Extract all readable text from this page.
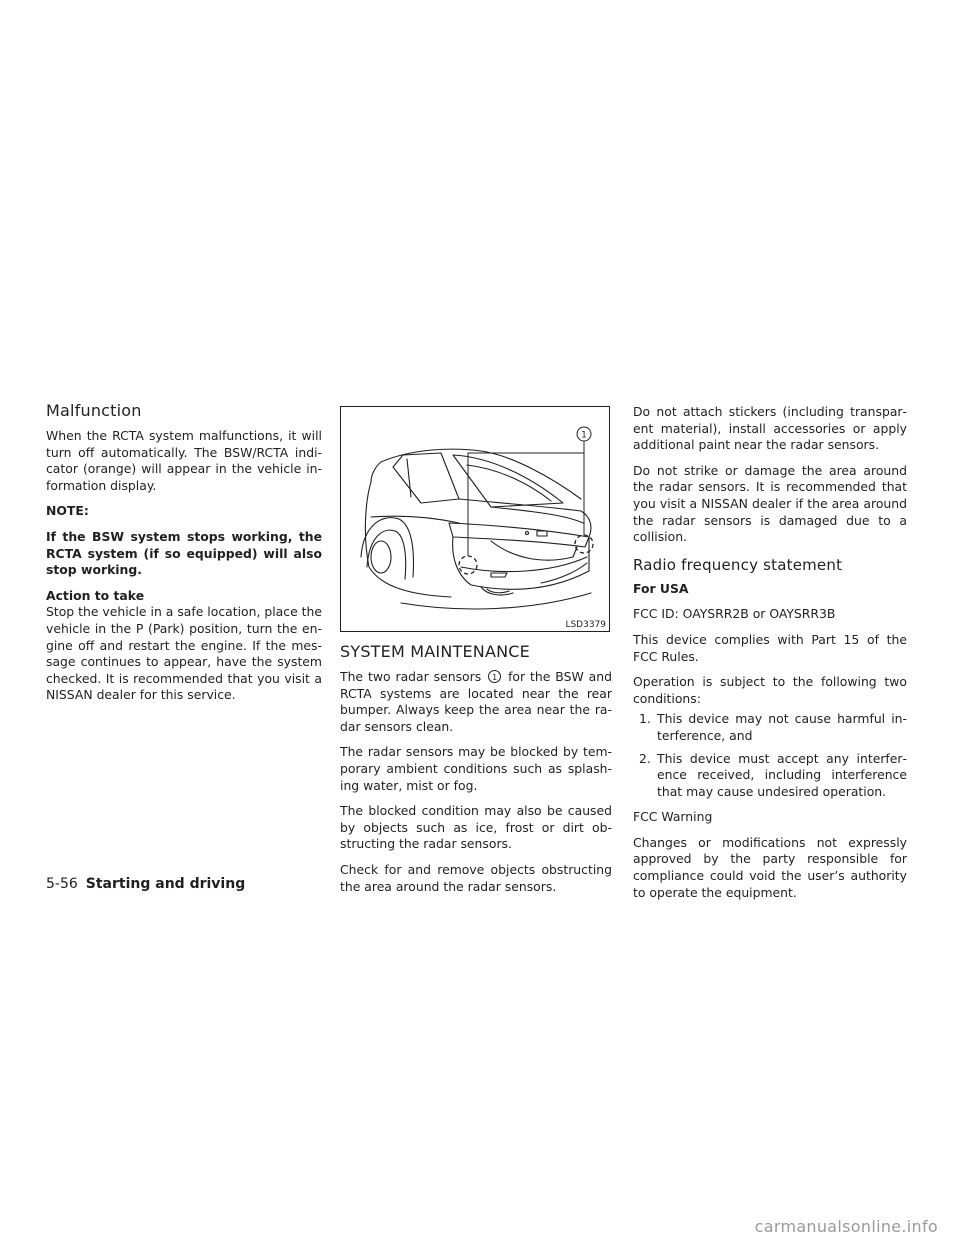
Malfunction

When the RCTA system malfunctions, it will turn off automatically. The BSW/RCTA indicator (orange) will appear in the vehicle information display.

NOTE:

If the BSW system stops working, the RCTA system (if so equipped) will also stop working.

Action to take

Stop the vehicle in a safe location, place the vehicle in the P (Park) position, turn the engine off and restart the engine. If the message continues to appear, have the system checked. It is recommended that you visit a NISSAN dealer for this service.

1
LSD3379
SYSTEM MAINTENANCE

The two radar sensors 1 for the BSW and RCTA systems are located near the rear bumper. Always keep the area near the radar sensors clean.

The radar sensors may be blocked by temporary ambient conditions such as splashing water, mist or fog.

The blocked condition may also be caused by objects such as ice, frost or dirt obstructing the radar sensors.

Check for and remove objects obstructing the area around the radar sensors.

Do not attach stickers (including transparent material), install accessories or apply additional paint near the radar sensors.

Do not strike or damage the area around the radar sensors. It is recommended that you visit a NISSAN dealer if the area around the radar sensors is damaged due to a collision.

Radio frequency statement

For USA

FCC ID: OAYSRR2B or OAYSRR3B

This device complies with Part 15 of the FCC Rules.

Operation is subject to the following two conditions:

1. This device may not cause harmful interference, and
2. This device must accept any interference received, including interference that may cause undesired operation.

FCC Warning

Changes or modifications not expressly approved by the party responsible for compliance could void the user’s authority to operate the equipment.

5-56 Starting and driving
carmanualsonline.info
